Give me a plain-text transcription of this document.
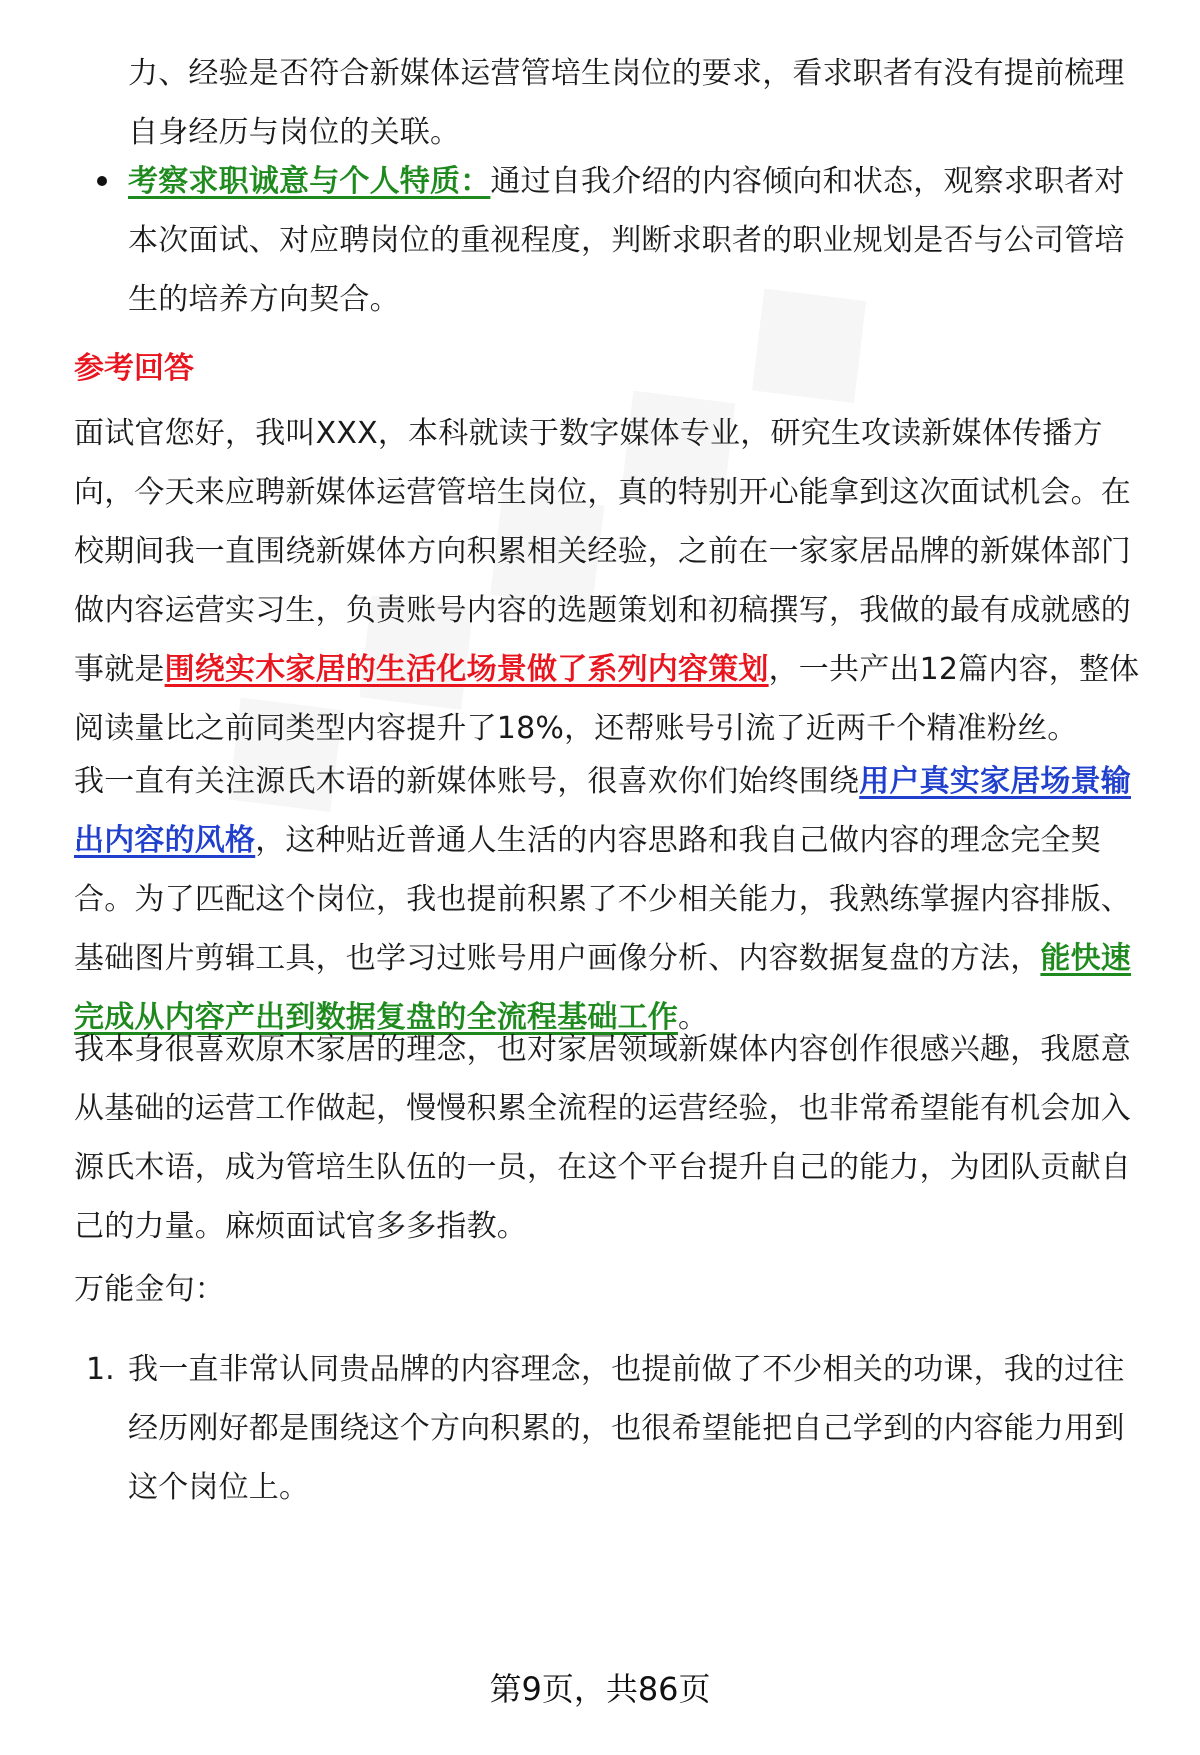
力、经验是否符合新媒体运营管培生岗位的要求，看求职者有没有提前梳理自身经历与岗位的关联。

考察求职诚意与个人特质：通过自我介绍的内容倾向和状态，观察求职者对本次面试、对应聘岗位的重视程度，判断求职者的职业规划是否与公司管培生的培养方向契合。

参考回答

面试官您好，我叫XXX，本科就读于数字媒体专业，研究生攻读新媒体传播方向，今天来应聘新媒体运营管培生岗位，真的特别开心能拿到这次面试机会。在校期间我一直围绕新媒体方向积累相关经验，之前在一家家居品牌的新媒体部门做内容运营实习生，负责账号内容的选题策划和初稿撰写，我做的最有成就感的事就是围绕实木家居的生活化场景做了系列内容策划，一共产出12篇内容，整体阅读量比之前同类型内容提升了18%，还帮账号引流了近两千个精准粉丝。

我一直有关注源氏木语的新媒体账号，很喜欢你们始终围绕用户真实家居场景输出内容的风格，这种贴近普通人生活的内容思路和我自己做内容的理念完全契合。为了匹配这个岗位，我也提前积累了不少相关能力，我熟练掌握内容排版、基础图片剪辑工具，也学习过账号用户画像分析、内容数据复盘的方法，能快速完成从内容产出到数据复盘的全流程基础工作。

我本身很喜欢原木家居的理念，也对家居领域新媒体内容创作很感兴趣，我愿意从基础的运营工作做起，慢慢积累全流程的运营经验，也非常希望能有机会加入源氏木语，成为管培生队伍的一员，在这个平台提升自己的能力，为团队贡献自己的力量。麻烦面试官多多指教。

万能金句：

1. 我一直非常认同贵品牌的内容理念，也提前做了不少相关的功课，我的过往经历刚好都是围绕这个方向积累的，也很希望能把自己学到的内容能力用到这个岗位上。

第9页，共86页
